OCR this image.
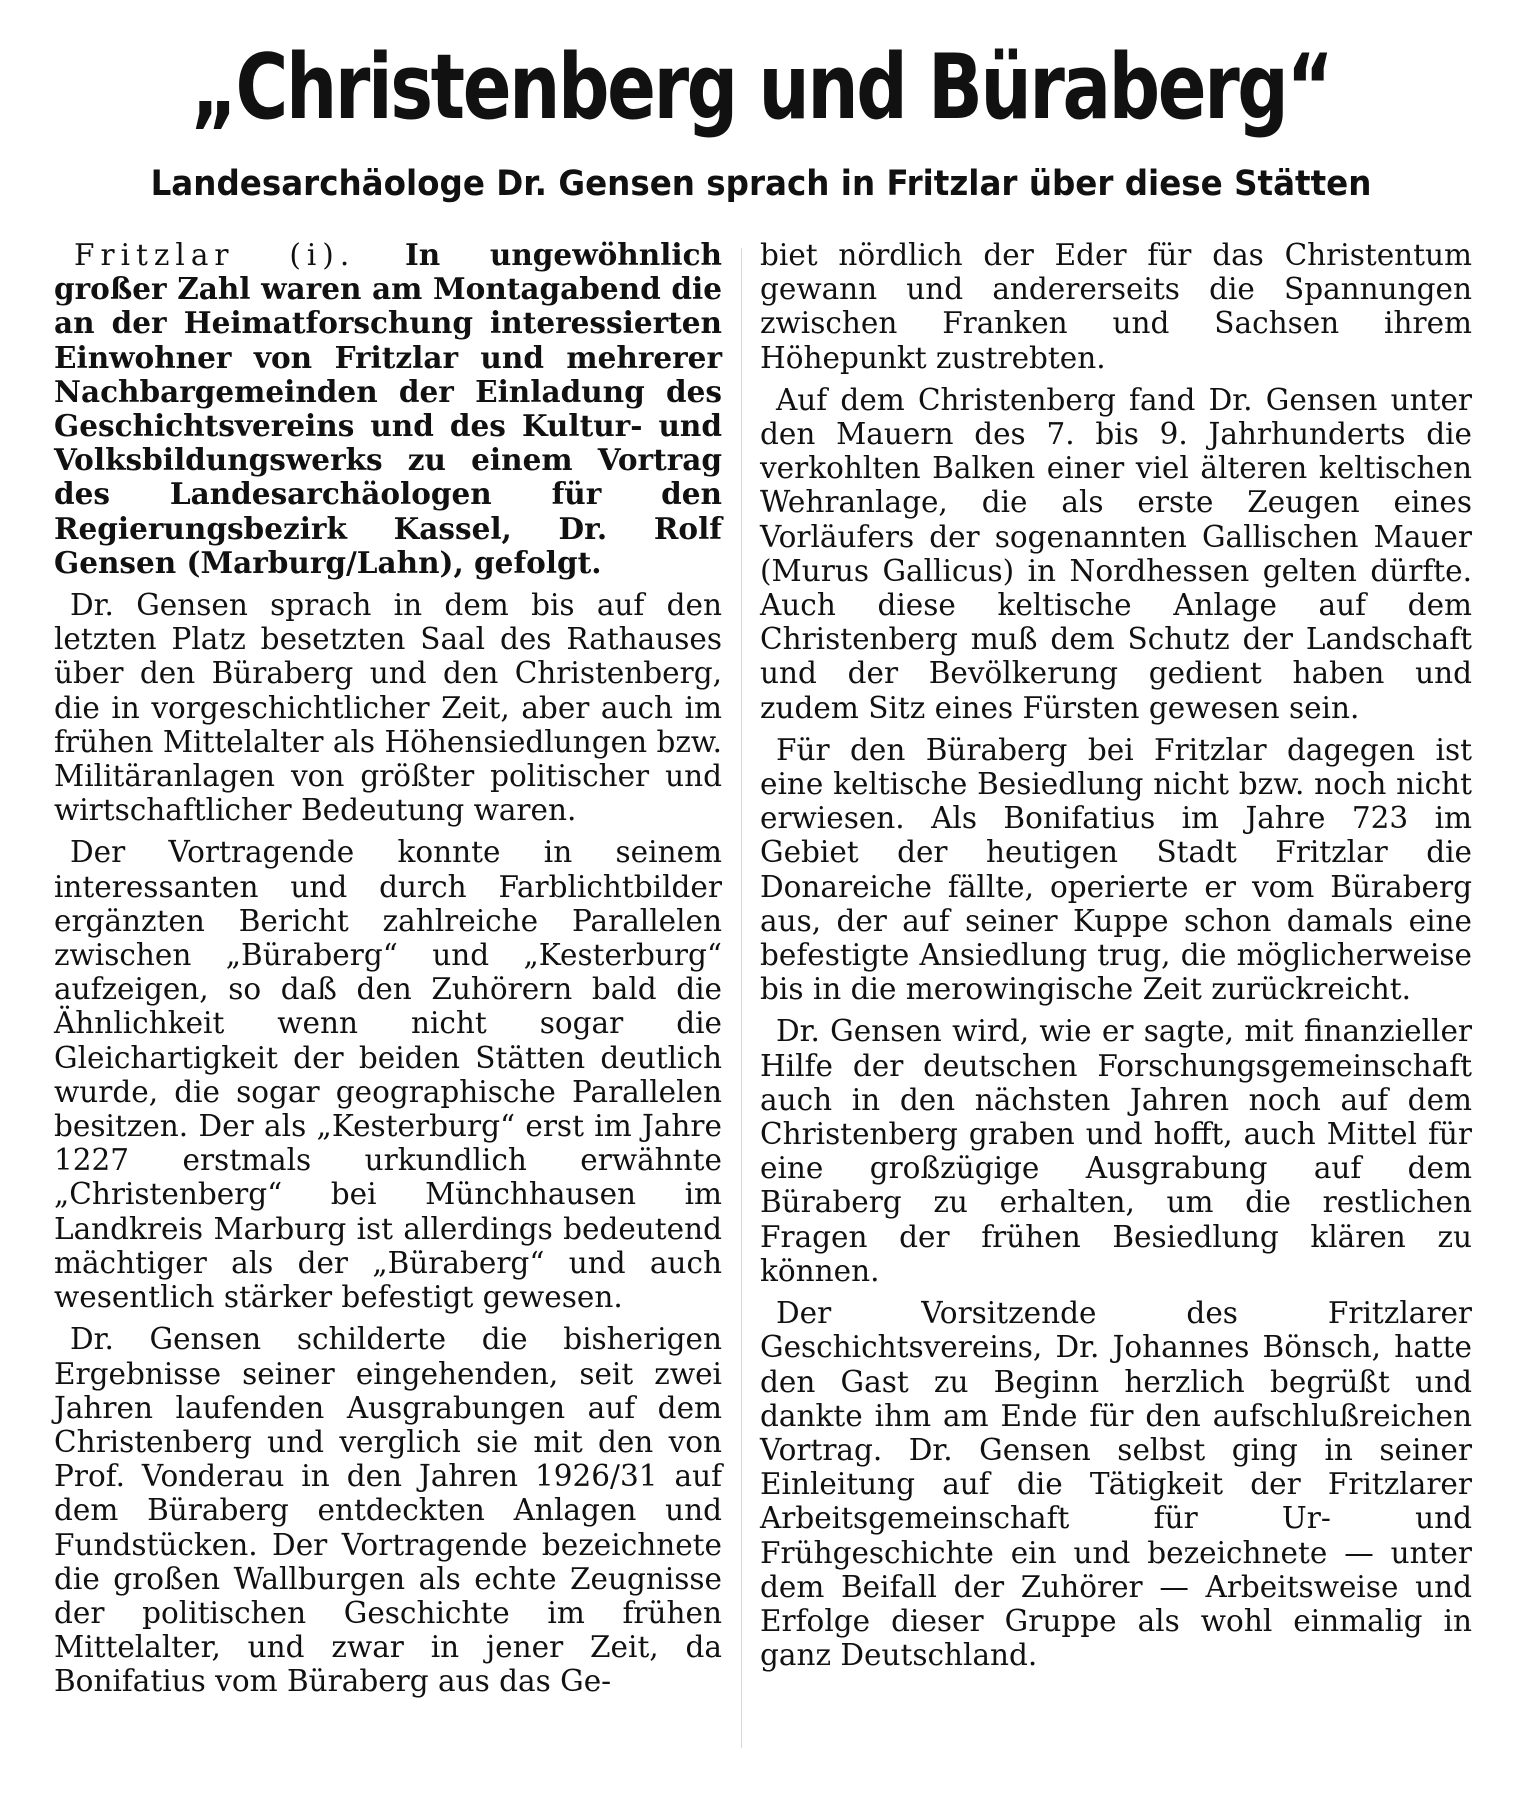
„Christenberg und Büraberg“
Landesarchäologe Dr. Gensen sprach in Fritzlar über diese Stätten

Fritzlar (i). In ungewöhnlich großer Zahl waren am Montagabend die an der Heimatforschung interessierten Einwohner von Fritzlar und mehrerer Nachbargemeinden der Einladung des Geschichtsvereins und des Kultur- und Volksbildungswerks zu einem Vortrag des Landesarchäologen für den Regierungsbezirk Kassel, Dr. Rolf Gensen (Marburg/Lahn), gefolgt.

Dr. Gensen sprach in dem bis auf den letzten Platz besetzten Saal des Rathauses über den Büraberg und den Christenberg, die in vorgeschichtlicher Zeit, aber auch im frühen Mittelalter als Höhensiedlungen bzw. Militäranlagen von größter politischer und wirtschaftlicher Bedeutung waren.

Der Vortragende konnte in seinem interessanten und durch Farblichtbilder ergänzten Bericht zahlreiche Parallelen zwischen „Büraberg“ und „Kesterburg“ aufzeigen, so daß den Zuhörern bald die Ähnlichkeit wenn nicht sogar die Gleichartigkeit der beiden Stätten deutlich wurde, die sogar geographische Parallelen besitzen. Der als „Kesterburg“ erst im Jahre 1227 erstmals urkundlich erwähnte „Christenberg“ bei Münchhausen im Landkreis Marburg ist allerdings bedeutend mächtiger als der „Büraberg“ und auch wesentlich stärker befestigt gewesen.

Dr. Gensen schilderte die bisherigen Ergebnisse seiner eingehenden, seit zwei Jahren laufenden Ausgrabungen auf dem Christenberg und verglich sie mit den von Prof. Vonderau in den Jahren 1926/31 auf dem Büraberg entdeckten Anlagen und Fundstücken. Der Vortragende bezeichnete die großen Wallburgen als echte Zeugnisse der politischen Geschichte im frühen Mittelalter, und zwar in jener Zeit, da Bonifatius vom Büraberg aus das Ge-

biet nördlich der Eder für das Christentum gewann und andererseits die Spannungen zwischen Franken und Sachsen ihrem Höhepunkt zustrebten.

Auf dem Christenberg fand Dr. Gensen unter den Mauern des 7. bis 9. Jahrhunderts die verkohlten Balken einer viel älteren keltischen Wehranlage, die als erste Zeugen eines Vorläufers der sogenannten Gallischen Mauer (Murus Gallicus) in Nordhessen gelten dürfte. Auch diese keltische Anlage auf dem Christenberg muß dem Schutz der Landschaft und der Bevölkerung gedient haben und zudem Sitz eines Fürsten gewesen sein.

Für den Büraberg bei Fritzlar dagegen ist eine keltische Besiedlung nicht bzw. noch nicht erwiesen. Als Bonifatius im Jahre 723 im Gebiet der heutigen Stadt Fritzlar die Donareiche fällte, operierte er vom Büraberg aus, der auf seiner Kuppe schon damals eine befestigte Ansiedlung trug, die möglicherweise bis in die merowingische Zeit zurückreicht.

Dr. Gensen wird, wie er sagte, mit finanzieller Hilfe der deutschen Forschungsgemeinschaft auch in den nächsten Jahren noch auf dem Christenberg graben und hofft, auch Mittel für eine großzügige Ausgrabung auf dem Büraberg zu erhalten, um die restlichen Fragen der frühen Besiedlung klären zu können.

Der Vorsitzende des Fritzlarer Geschichtsvereins, Dr. Johannes Bönsch, hatte den Gast zu Beginn herzlich begrüßt und dankte ihm am Ende für den aufschlußreichen Vortrag. Dr. Gensen selbst ging in seiner Einleitung auf die Tätigkeit der Fritzlarer Arbeitsgemeinschaft für Ur- und Frühgeschichte ein und bezeichnete — unter dem Beifall der Zuhörer — Arbeitsweise und Erfolge dieser Gruppe als wohl einmalig in ganz Deutschland.
